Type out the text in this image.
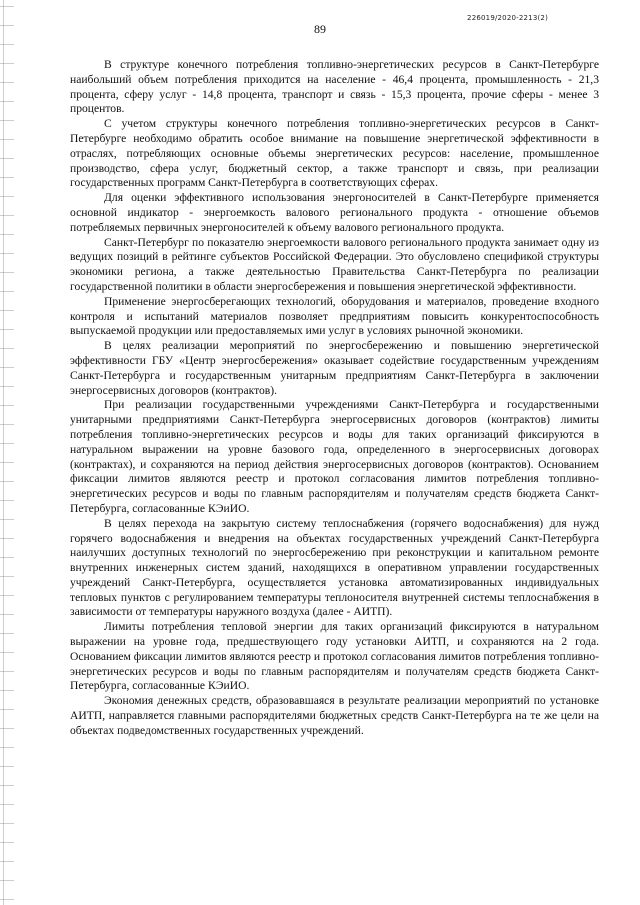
226019/2020-2213(2)
89

В структуре конечного потребления топливно-энергетических ресурсов в Санкт-Петербурге наибольший объем потребления приходится на население - 46,4 процента, промышленность - 21,3 процента, сферу услуг - 14,8 процента, транспорт и связь - 15,3 процента, прочие сферы - менее 3 процентов.

С учетом структуры конечного потребления топливно-энергетических ресурсов в Санкт-Петербурге необходимо обратить особое внимание на повышение энергетической эффективности в отраслях, потребляющих основные объемы энергетических ресурсов: население, промышленное производство, сфера услуг, бюджетный сектор, а также транспорт и связь, при реализации государственных программ Санкт-Петербурга в соответствующих сферах.

Для оценки эффективного использования энергоносителей в Санкт-Петербурге применяется основной индикатор - энергоемкость валового регионального продукта - отношение объемов потребляемых первичных энергоносителей к объему валового регионального продукта.

Санкт-Петербург по показателю энергоемкости валового регионального продукта занимает одну из ведущих позиций в рейтинге субъектов Российской Федерации. Это обусловлено спецификой структуры экономики региона, а также деятельностью Правительства Санкт-Петербурга по реализации государственной политики в области энергосбережения и повышения энергетической эффективности.

Применение энергосберегающих технологий, оборудования и материалов, проведение входного контроля и испытаний материалов позволяет предприятиям повысить конкурентоспособность выпускаемой продукции или предоставляемых ими услуг в условиях рыночной экономики.

В целях реализации мероприятий по энергосбережению и повышению энергетической эффективности ГБУ «Центр энергосбережения» оказывает содействие государственным учреждениям Санкт-Петербурга и государственным унитарным предприятиям Санкт-Петербурга в заключении энергосервисных договоров (контрактов).

При реализации государственными учреждениями Санкт-Петербурга и государственными унитарными предприятиями Санкт-Петербурга энергосервисных договоров (контрактов) лимиты потребления топливно-энергетических ресурсов и воды для таких организаций фиксируются в натуральном выражении на уровне базового года, определенного в энергосервисных договорах (контрактах), и сохраняются на период действия энергосервисных договоров (контрактов). Основанием фиксации лимитов являются реестр и протокол согласования лимитов потребления топливно-энергетических ресурсов и воды по главным распорядителям и получателям средств бюджета Санкт-Петербурга, согласованные КЭиИО.

В целях перехода на закрытую систему теплоснабжения (горячего водоснабжения) для нужд горячего водоснабжения и внедрения на объектах государственных учреждений Санкт-Петербурга наилучших доступных технологий по энергосбережению при реконструкции и капитальном ремонте внутренних инженерных систем зданий, находящихся в оперативном управлении государственных учреждений Санкт-Петербурга, осуществляется установка автоматизированных индивидуальных тепловых пунктов с регулированием температуры теплоносителя внутренней системы теплоснабжения в зависимости от температуры наружного воздуха (далее - АИТП).

Лимиты потребления тепловой энергии для таких организаций фиксируются в натуральном выражении на уровне года, предшествующего году установки АИТП, и сохраняются на 2 года. Основанием фиксации лимитов являются реестр и протокол согласования лимитов потребления топливно-энергетических ресурсов и воды по главным распорядителям и получателям средств бюджета Санкт-Петербурга, согласованные КЭиИО.

Экономия денежных средств, образовавшаяся в результате реализации мероприятий по установке АИТП, направляется главными распорядителями бюджетных средств Санкт-Петербурга на те же цели на объектах подведомственных государственных учреждений.
